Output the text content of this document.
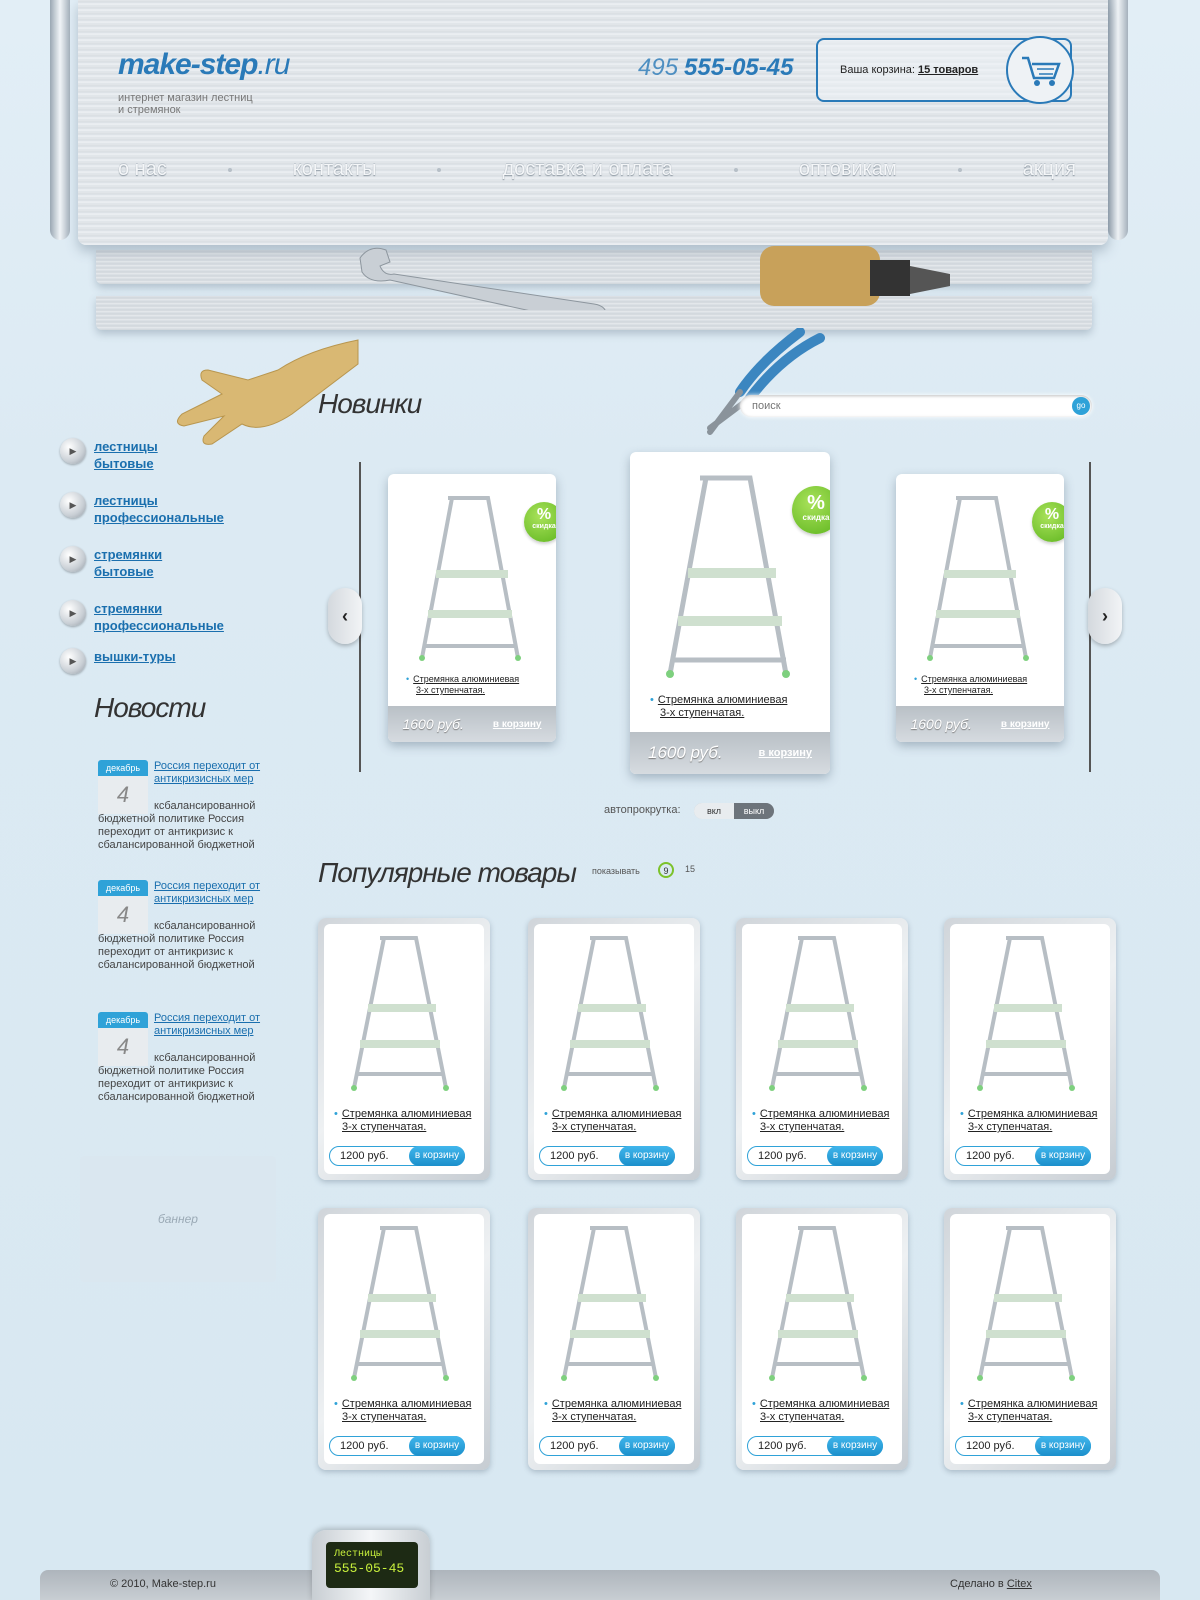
make-step.ru
интернет магазин лестниц и стремянок
495 555-05-45	Ваша корзина: 15 товаров
о нас	контакты	доставка и оплата	оптовикам	акция
▶ лестницы
бытовые
▶ лестницы
профессиональные
▶ стремянки
бытовые
▶ стремянки
профессиональные
▶ вышки-туры
Новости
декабрь
4
Россия переходит от антикризисных мер
ксбалансированной бюджетной политике Россия переходит от антикризис к сбалансированной бюджетной
декабрь
4
Россия переходит от антикризисных мер
ксбалансированной бюджетной политике Россия переходит от антикризис к сбалансированной бюджетной
декабрь
4
Россия переходит от антикризисных мер
ксбалансированной бюджетной политике Россия переходит от антикризис к сбалансированной бюджетной
баннер
Новинки
поиск	go
‹	›
%
скидка
• Стремянка алюминиевая
3-х ступенчатая.
1600 руб.	в корзину
%
скидка
• Стремянка алюминиевая
3-х ступенчатая.
1600 руб.	в корзину
%
скидка
• Стремянка алюминиевая
3-х ступенчатая.
1600 руб.	в корзину
автопрокрутка:	вкл	выкл
Популярные товары показывать	9	15
• Стремянка алюминиевая
3-х ступенчатая.
1200 руб.	в корзину
• Стремянка алюминиевая
3-х ступенчатая.
1200 руб.	в корзину
• Стремянка алюминиевая
3-х ступенчатая.
1200 руб.	в корзину
• Стремянка алюминиевая
3-х ступенчатая.
1200 руб.	в корзину
• Стремянка алюминиевая
3-х ступенчатая.
1200 руб.	в корзину
• Стремянка алюминиевая
3-х ступенчатая.
1200 руб.	в корзину
• Стремянка алюминиевая
3-х ступенчатая.
1200 руб.	в корзину
• Стремянка алюминиевая
3-х ступенчатая.
1200 руб.	в корзину
© 2010, Make-step.ru	Сделано в Citex
Лестницы
555-05-45
